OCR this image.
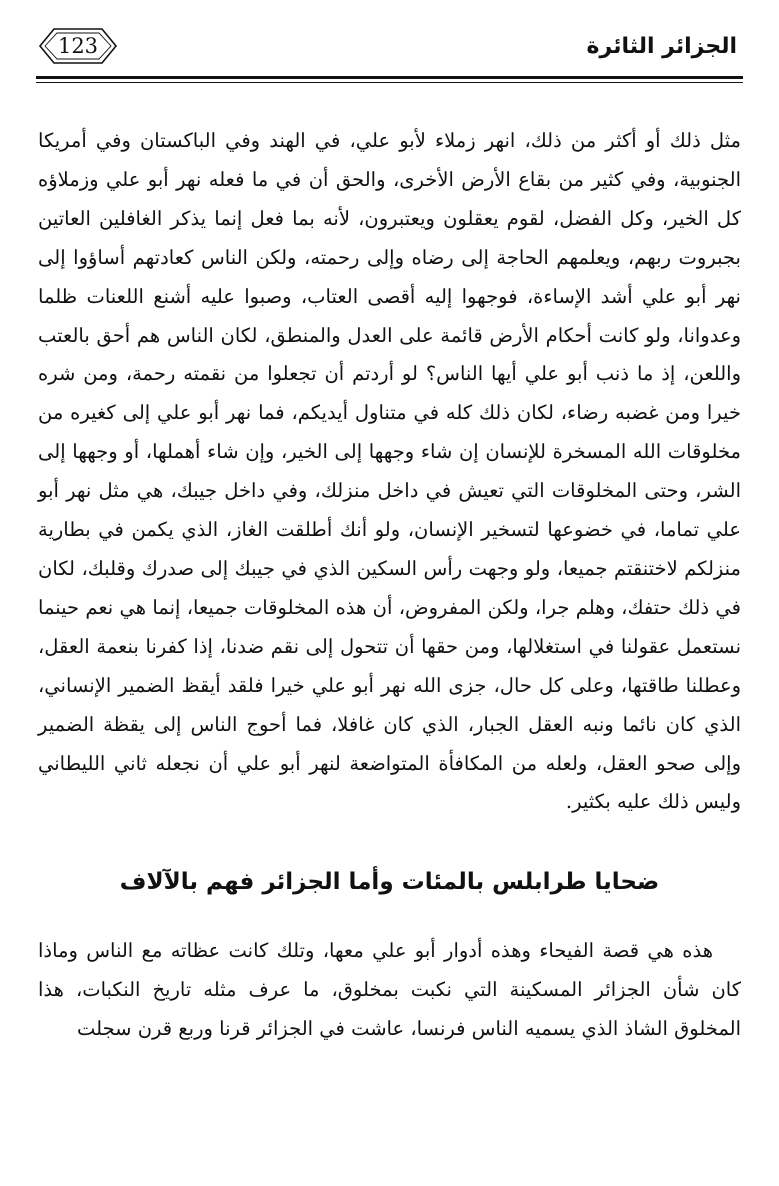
123	الجزائر الثائرة

مثل ذلك أو أكثر من ذلك، انهر زملاء لأبو علي، في الهند وفي الباكستان وفي أمريكا الجنوبية، وفي كثير من بقاع الأرض الأخرى، والحق أن في ما فعله نهر أبو علي وزملاؤه كل الخير، وكل الفضل، لقوم يعقلون ويعتبرون، لأنه بما فعل إنما يذكر الغافلين العاتين بجبروت ربهم، ويعلمهم الحاجة إلى رضاه وإلى رحمته، ولكن الناس كعادتهم أساؤوا إلى نهر أبو علي أشد الإساءة، فوجهوا إليه أقصى العتاب، وصبوا عليه أشنع اللعنات ظلما وعدوانا، ولو كانت أحكام الأرض قائمة على العدل والمنطق، لكان الناس هم أحق بالعتب واللعن، إذ ما ذنب أبو علي أيها الناس؟ لو أردتم أن تجعلوا من نقمته رحمة، ومن شره خيرا ومن غضبه رضاء، لكان ذلك كله في متناول أيديكم، فما نهر أبو علي إلى كغيره من مخلوقات الله المسخرة للإنسان إن شاء وجهها إلى الخير، وإن شاء أهملها، أو وجهها إلى الشر، وحتى المخلوقات التي تعيش في داخل منزلك، وفي داخل جيبك، هي مثل نهر أبو علي تماما، في خضوعها لتسخير الإنسان، ولو أنك أطلقت الغاز، الذي يكمن في بطارية منزلكم لاختنقتم جميعا، ولو وجهت رأس السكين الذي في جيبك إلى صدرك وقلبك، لكان في ذلك حتفك، وهلم جرا، ولكن المفروض، أن هذه المخلوقات جميعا، إنما هي نعم حينما نستعمل عقولنا في استغلالها، ومن حقها أن تتحول إلى نقم ضدنا، إذا كفرنا بنعمة العقل، وعطلنا طاقتها، وعلى كل حال، جزى الله نهر أبو علي خيرا فلقد أيقظ الضمير الإنساني، الذي كان نائما ونبه العقل الجبار، الذي كان غافلا، فما أحوج الناس إلى يقظة الضمير وإلى صحو العقل، ولعله من المكافأة المتواضعة لنهر أبو علي أن نجعله ثاني الليطاني وليس ذلك عليه بكثير.

ضحايا طرابلس بالمئات وأما الجزائر فهم بالآلاف

هذه هي قصة الفيحاء وهذه أدوار أبو علي معها، وتلك كانت عظاته مع الناس وماذا كان شأن الجزائر المسكينة التي نكبت بمخلوق، ما عرف مثله تاريخ النكبات، هذا المخلوق الشاذ الذي يسميه الناس فرنسا، عاشت في الجزائر قرنا وربع قرن سجلت
